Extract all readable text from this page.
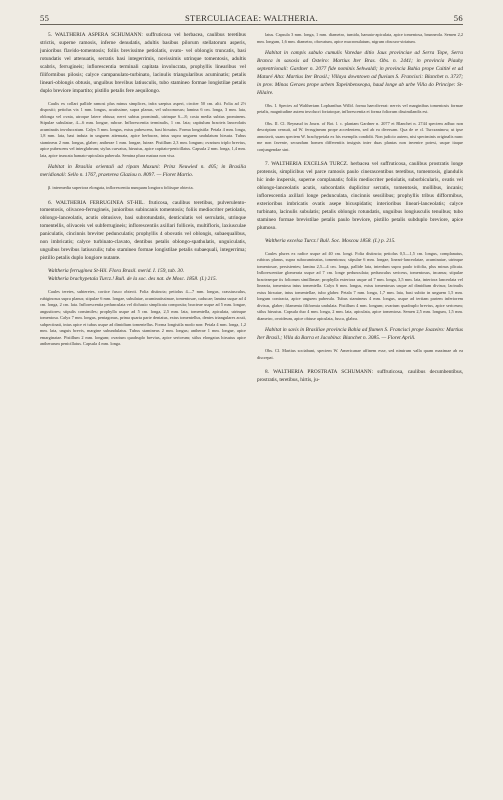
55	STERCULIACEAE: WALTHERIA.	56

5. WALTHERIA ASPERA SCHUMANN: suffruticosa vel herbacea, caulibus teretibus strictis, superne ramosis, inferne denudatis, adultis basibus pilorum stellatorum asperis, junioribus flavido-tomentosis; foliis brevissime petiolatis, ovato- vel oblongis truncatis, basi rotundatis vel attenuatis, serratis basi integerrimis, novissimis utrinque tomentosis, adultis scabris, ferrugineis; inflorescentia terminali capitata involucrata, prophyllis linearibus vel filiformibus pilosis; calyce campanulato-turbinato, lacinulis triangularibus acuminatis; petalis lineari-oblongis obtusis, unguibus brevibus latiusculis, tubo stamineo formae longistilae petalis duplo breviore impartito; pistillo petalis fere aequilongo.

Caulis ex collari pallide ramosi plus minus simplices, infra saepius asperi, circiter 50 cm. alti. Folia ad 2½ dispositi; petiolus vix 1 mm. longus, acutissime, supra planus, vel subcomosus; lamina 6 cm. longa, 3 mm. lata, oblonga vel ovata, utroque latere obtusa; nervi subtus prominuli, utrinque 6—8; costa media subtus prominens. Stipulae subulatae, 4—6 mm. longae, rubrae. Inflorescentia terminalis, 1 cm. lata; capitulum bracteis lanceolatis acuminatis involucratum. Calyx 5 mm. longus, extus pubescens, basi hirsutus. Forma longistila: Petala 4 mm. longa, 1,8 mm. lata, basi induta in unguem attenuata, apice herbacea, intus supra unguem undulatum hirsuta. Tubus stamineus 2 mm. longus, glaber; antherae 1 mm. longae, luteae. Pistillum 2,3 mm. longum; ovarium triplo brevius, apice pubescens vel interglabrum; stylus curvatus, hirsutus, apice capitato-penicillatus. Capsula 2 mm. longa, 1,4 mm. lata, apice truncata hamato-apiculata puberula. Semina plura matura non visa.

Habitat in Brasilia orientali ad ripam Maxuni: Prinz Neuwied n. 405; in Brasilia meridionali: Sello n. 1767, praeterea Glaziou n. 8097. — Floret Martio.

β. intermedia superiora elongata, inflorescentia nunquam longiora foliisque obtecta.

6. WALTHERIA FERRUGINEA ST-HIL. fruticosa, caulibus teretibus, pulverulento-tomentosis, olivaceo-ferrugineis, junioribus subincanis tomentosis; foliis mediocriter petiolatis, oblongo-lanceolatis, acutis obtusisve, basi subrotundatis, denticulatis vel serrulatis, utrinque tomentellis, olivaceis vel subferrugineis; inflorescentiis axillari folliceis, multifloris, laxiusculae paniculatis, cincinnis breviter pedunculatis; prophyllis 4 obovatis vel oblongis, subaequalibus, non imbricatis; calyce turbinato-clavato, dentibus petalis oblongo-spathulatis, unguiculatis, unguibus brevibus latiusculis; tubo stamineo formae longistilae petalis subaequali, integerrima; pistillo petalis duplo longiore nutante.

Waltheria ferruginea St-Hil. Flora Brasil. merid. I. 159, tab. 30.

Waltheria brachypetala Turcz.! Bull. de la soc. des nat. de Mosc. 1858. (I.) 215.

Caules teretes, subteretes, cortice fusco obtecti. Folia distincta; petiolus 4—7 mm. longus, crassiusculus, rubiginosus supra planus; stipulae 6 mm. longae, subulatae, acuminatissimae, tomentosae, caducae; lamina usque ad 4 cm. longa, 2 cm. lata. Inflorescentia pedunculata vel dichasio simplicata composita; bracteae usque ad 5 mm. longae, angustiores; stipulis consimiles; prophylla usque ad 5 cm. longa, 2,5 mm. lata, tomentella, apiculata, utrinque tomentosa. Calyx 7 mm. longus, pentagonus, prima quarta parte dentatus, extus tomentellus, dentes triangulares acuti, subpectinati, intus apice et tubus usque ad dimidium tomentellus. Forma longistila modo non: Petala 4 mm. longa, 1,2 mm. lata, unguis brevis, margine subundulatus. Tubus stamineus 2 mm. longus; antherae 1 mm. longae, apice emarginatae. Pistillum 2 mm. longum; ovarium quadruplo brevius, apice sericeum; stilus elongatus hirsutus apice antherarum penicillatus. Capsula 4 mm. longa.

latus. Capsula 3 mm. longa, 1 mm. diametro, tumida, hamato-apiculata, apice tomentosa, brunneola. Semen 2,2 mm. longum, 1,6 mm. diametro, obovatum, apice mucronulatum, nigrum obscuro-striatum.

Habitat in campis sabulo cumulis Varedae ditio Jaus provinciae ad Serra Tope, Serra Branca in saxosis ad Osteiro: Martius Iter Bras. Obs. n. 2441; in provincia Piauhy septentrionali: Gardner n. 2077 fide nominis Sehwaldi; in provincia Bahia prope Caitité et ad Maturé Alta: Martius Iter Brasil.; Villaya downtown ad fluvium S. Francisci: Blanchet n. 3737; in prov. Minas Geraes prope urbem Tapeinbenseopa, haud longe ab urbe Villa do Principe: St-Hilaire.

Obs. I. Species ad Waltheriam Lophanthus Willd. forma haecdiverat: nervis vel marginibus tomentosis formae petalis, magnitudine autem involucri foriatoque, inflorescentia et forma foliorum dissimilandis est.

Obs. II. Cl. Reynaud in Journ. of Bot. l. c. plantam Gardner n. 2077 et Blanchet n. 2744 speciem adhuc non descriptam censuit, ad W. ferrugineam prope accedentem, sed ab ea diversam. Qua de re cl. Turczaninow, ut ipse annotavit, suam speciem W. brachypetala ex his exemplis condidit. Non judicio autem, nisi speciminis originalis nunc me non favente, secundum homen differentiis insignis inter duas plantas non invenire potest, usque itaque conjungendae sint.

7. WALTHERIA EXCELSA TURCZ. herbacea vel suffruticosa, caulibus prostratis longe protensis, simplicibus vel parce ramosis paulo cinerascentibus teretibus, tomentosis, glandulis hic inde inspersis, superne complanatis; foliis mediocriter petiolatis, suborbicularis, ovatis vel oblongo-lanceolatis acutis, subcordatis duplicitur serratis, tomentosis, mollibus, incanis; inflorescentia axillari longe pedunculata, cincinnis sessilibus; prophyllis tribus difformibus, exterioribus imbricatis ovatis asepe bicuspidatis; interioribus lineari-lanceolatis; calyce turbinato, lacinulis subulatis; petalis oblongis rotundatis, unguibus longiusculis tenuibus; tubo stamineo formae brevistilae petalis paulo breviore, pistillo petalis subduplo breviore, apice plumoso.

Waltheria excelsa Turcz.! Bull. Soc. Moscou 1858. (I.) p. 215.

Caules plures ex radice usque ad 40 cm. longi. Folia distincta; petiolus 0,5—1,5 cm. longus, complanatus, rubicus planus, supra subacuminatus, tomentosus; stipulae 6 mm. longae, lineari-lanceolatae, acuminatae, utrinque tomentosae, persistentes; lamina 2,5—4 cm. longa, pallide lata, interdum supra paulo trifolia, plus minus plicata. Inflorescentiae glomerata usque ad 7 cm. longe pedunculata; pedunculus sericeus, tomentosus, incanus; stipulae bracteaeque iis foliorum simillimae; prophylla exteriora usque ad 7 mm. longa, 3,5 mm. lata, interiora lanceolata vel linearia, tomentosa intus tomentella. Calyx 6 mm. longus, extus tomentosus usque ad dimidium divisus; lacinulis extus hirsutae, intus tomentellae, tubo glaber. Petala 7 mm. longa, 1,7 mm. lata, basi subito in unguem 1,5 mm. longum contracta, apice unguem puberula. Tubus stamineus 4 mm. longus, usque ad tertiam partem inferiorem divisus, glaber; filamenta filiformia undulata. Pistillum 4 mm. longum; ovarium quadruplo brevius, apice sericeum; stilus hirsutus. Capsula duo 4 mm. longa, 2 mm. lata, apiculata, apice tomentosa. Semen 2,5 mm. longum, 1,5 mm. diametro, ovoideum, apice obtuse apiculata, fusca, glabra.

Habitat in savis in Brasiliae provincia Bahia ad flumen S. Francisci prope Joazeiro: Martius Iter Brasil.; Villa da Barra et Jacobina: Blanchet n. 3085. — Floret Aprili.

Obs. Cl. Martius sociabunt, speciem W. Americanae affinem esse, sed nimirum valla quam maximae ab ea discrepat.

8. WALTHERIA PROSTRATA SCHUMANN: suffruticosa, caulibus decumbentibus, prostratis, teretibus, hirtis, ju-
